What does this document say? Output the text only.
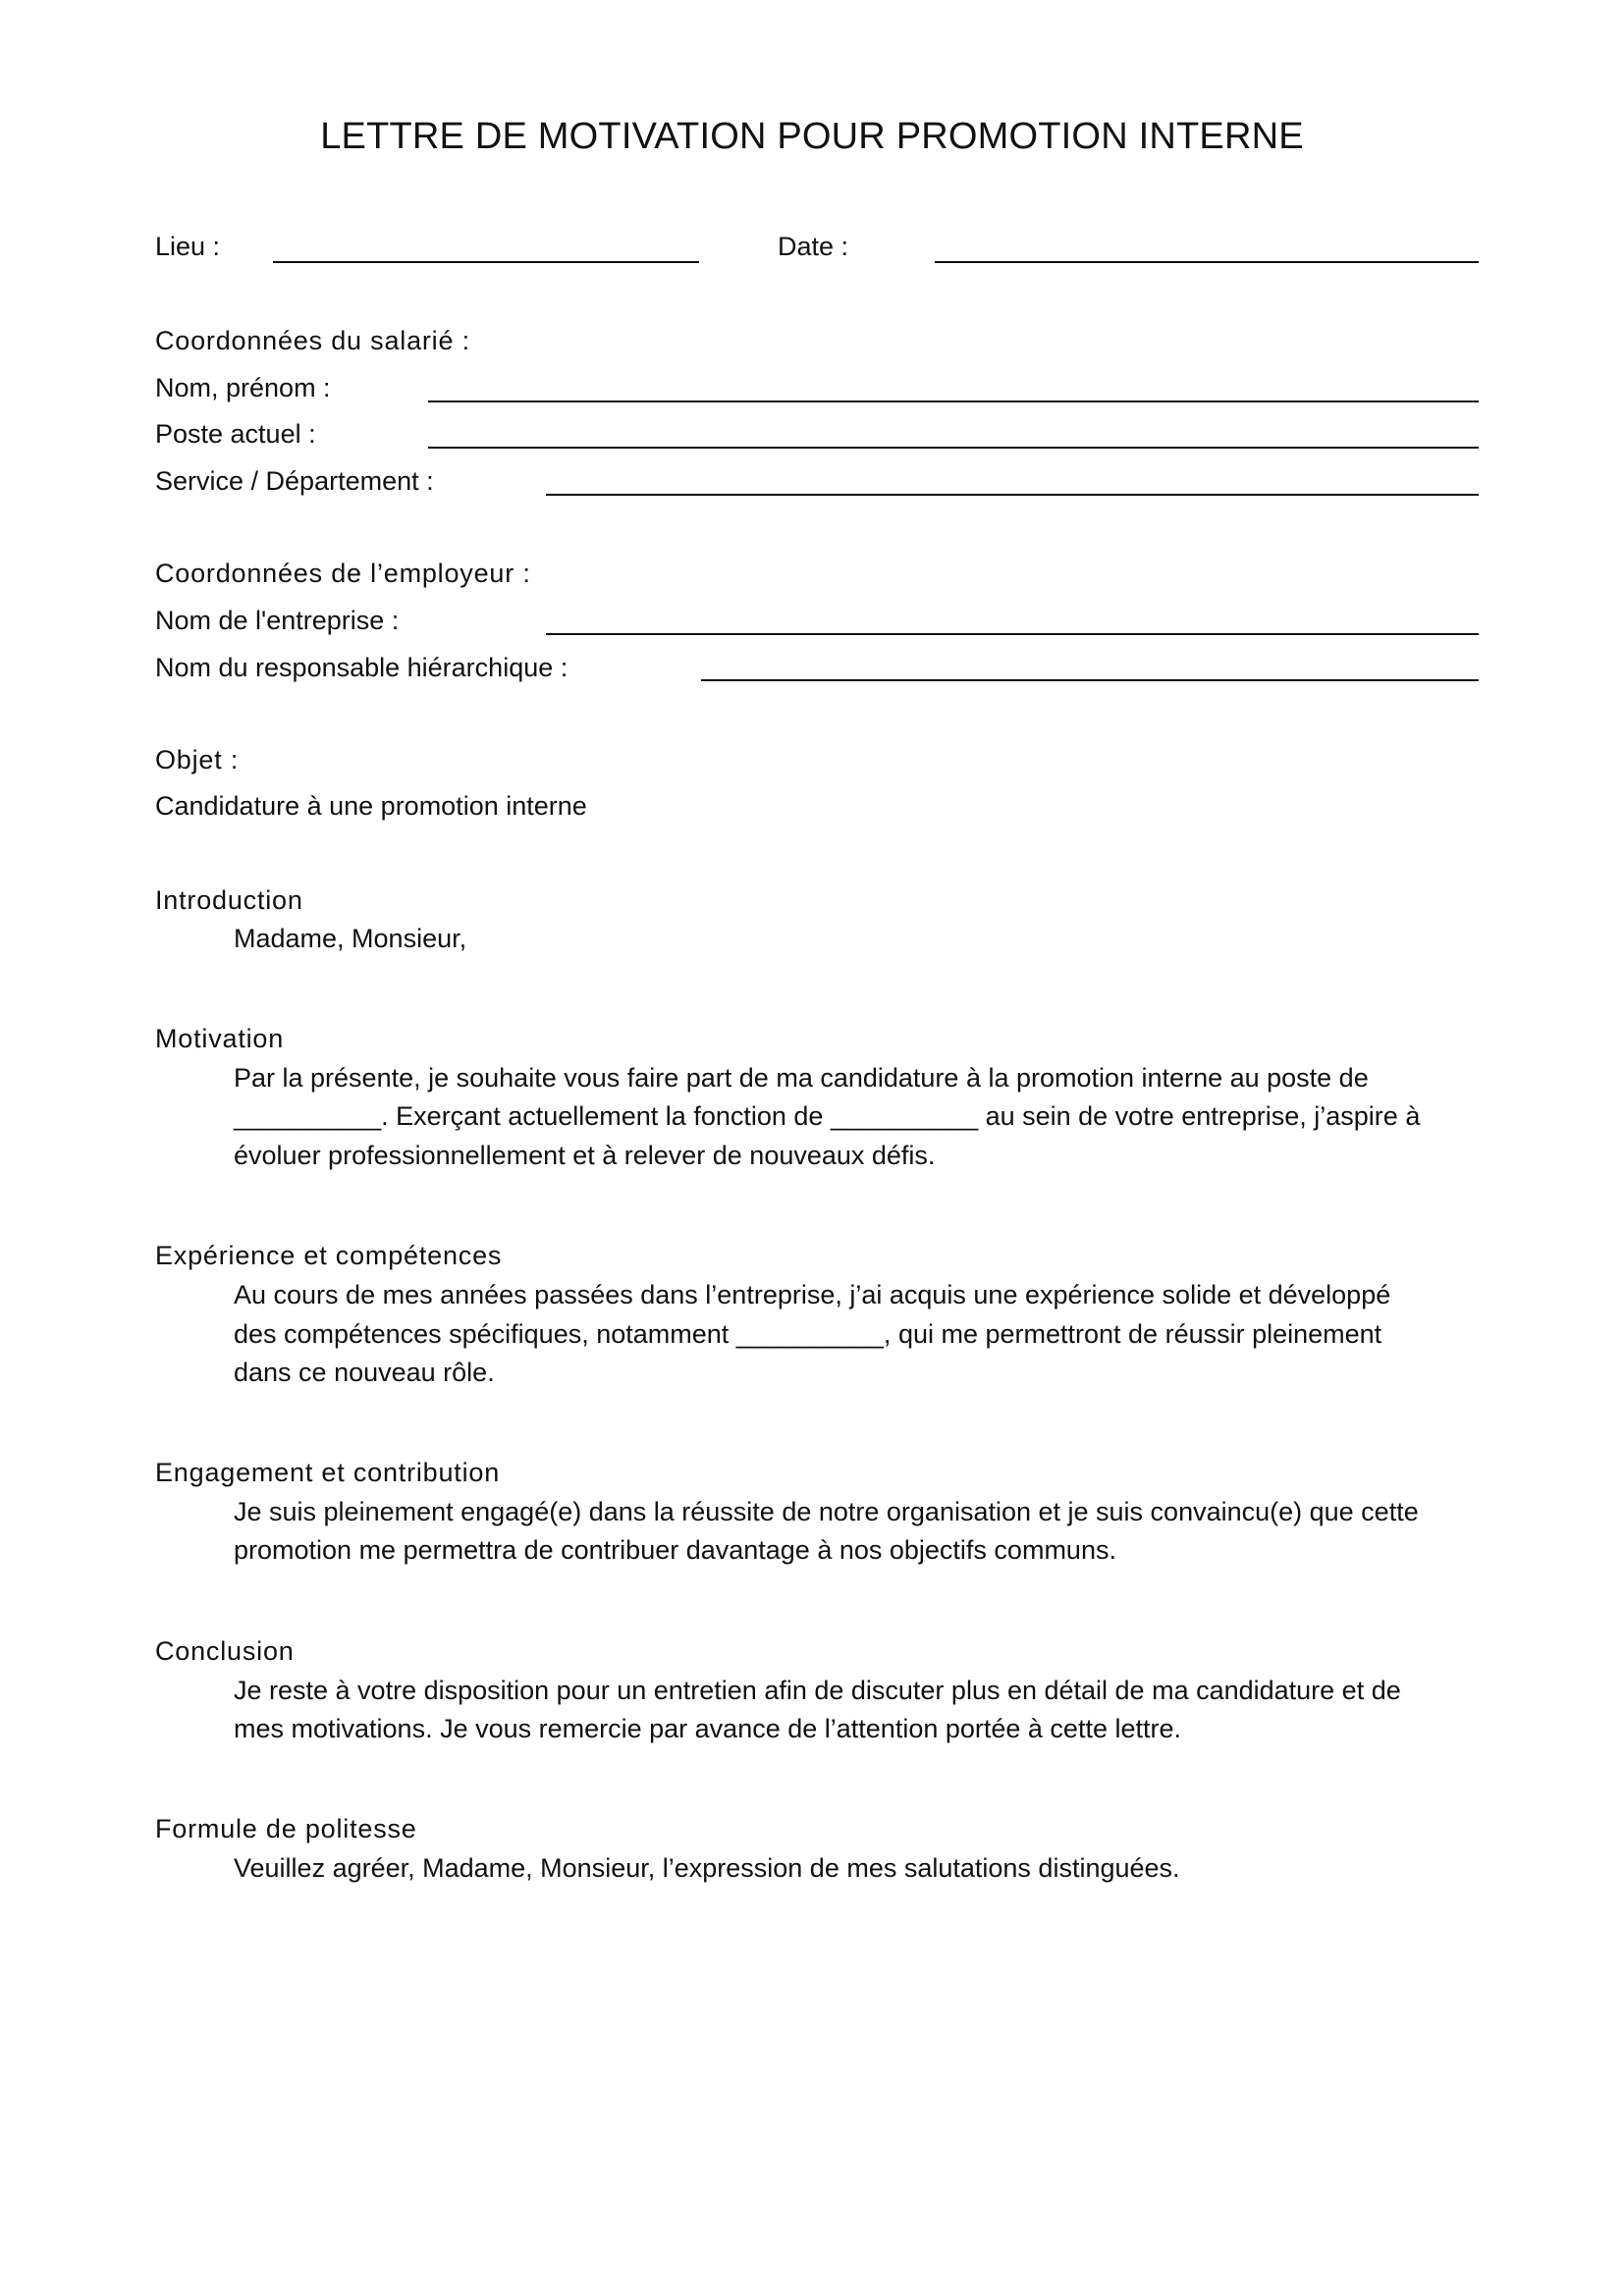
LETTRE DE MOTIVATION POUR PROMOTION INTERNE
Lieu :	Date :
Coordonnées du salarié :
Nom, prénom :
Poste actuel :
Service / Département :
Coordonnées de l’employeur :
Nom de l'entreprise :
Nom du responsable hiérarchique :
Objet :
Candidature à une promotion interne
Introduction
Madame, Monsieur,
Motivation
Par la présente, je souhaite vous faire part de ma candidature à la promotion interne au poste de
__________. Exerçant actuellement la fonction de __________ au sein de votre entreprise, j’aspire à
évoluer professionnellement et à relever de nouveaux défis.
Expérience et compétences
Au cours de mes années passées dans l’entreprise, j’ai acquis une expérience solide et développé
des compétences spécifiques, notamment __________, qui me permettront de réussir pleinement
dans ce nouveau rôle.
Engagement et contribution
Je suis pleinement engagé(e) dans la réussite de notre organisation et je suis convaincu(e) que cette
promotion me permettra de contribuer davantage à nos objectifs communs.
Conclusion
Je reste à votre disposition pour un entretien afin de discuter plus en détail de ma candidature et de
mes motivations. Je vous remercie par avance de l’attention portée à cette lettre.
Formule de politesse
Veuillez agréer, Madame, Monsieur, l’expression de mes salutations distinguées.
